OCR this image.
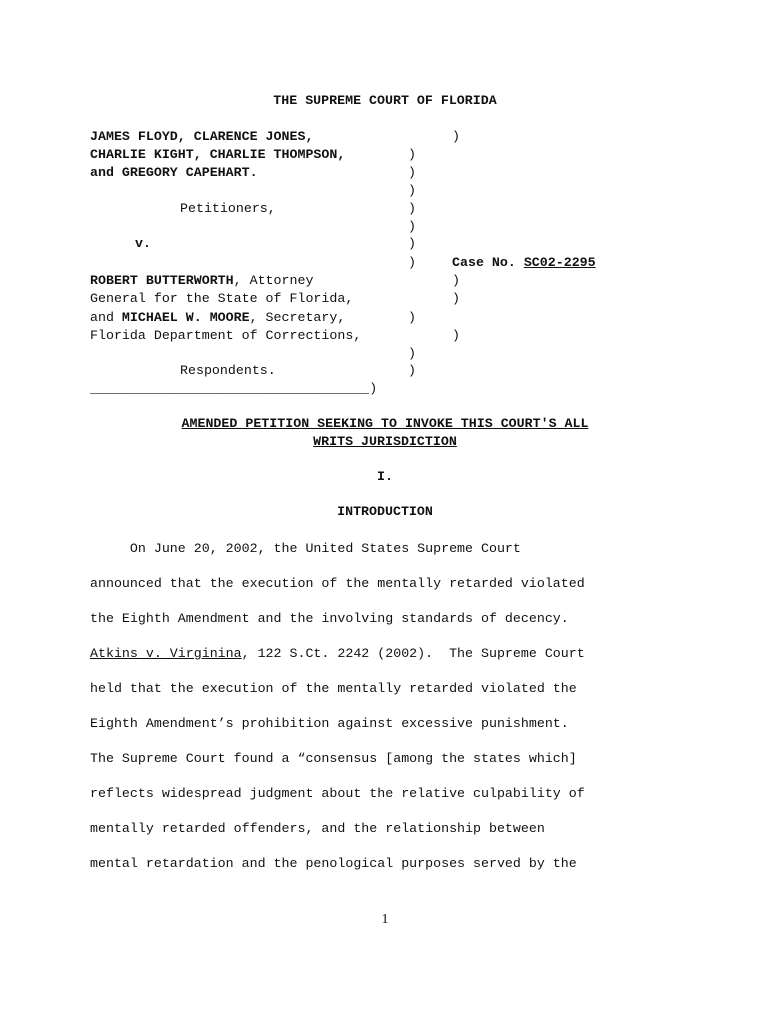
THE SUPREME COURT OF FLORIDA
JAMES FLOYD, CLARENCE JONES,
CHARLIE KIGHT, CHARLIE THOMPSON,
and GREGORY CAPEHART.
Petitioners,
v.
ROBERT BUTTERWORTH, Attorney
General for the State of Florida,
and MICHAEL W. MOORE, Secretary,
Florida Department of Corrections,
Respondents.
___________________________________)
)
)
)
)
)
)
)
)
)
)
)
Case No. SC02-2295
)
)
)
AMENDED PETITION SEEKING TO INVOKE THIS COURT'S ALL
WRITS JURISDICTION
I.
INTRODUCTION
On June 20, 2002, the United States Supreme Court
announced that the execution of the mentally retarded violated
the Eighth Amendment and the involving standards of decency.
Atkins v. Virginina, 122 S.Ct. 2242 (2002).  The Supreme Court
held that the execution of the mentally retarded violated the
Eighth Amendment’s prohibition against excessive punishment.
The Supreme Court found a “consensus [among the states which]
reflects widespread judgment about the relative culpability of
mentally retarded offenders, and the relationship between
mental retardation and the penological purposes served by the
1
